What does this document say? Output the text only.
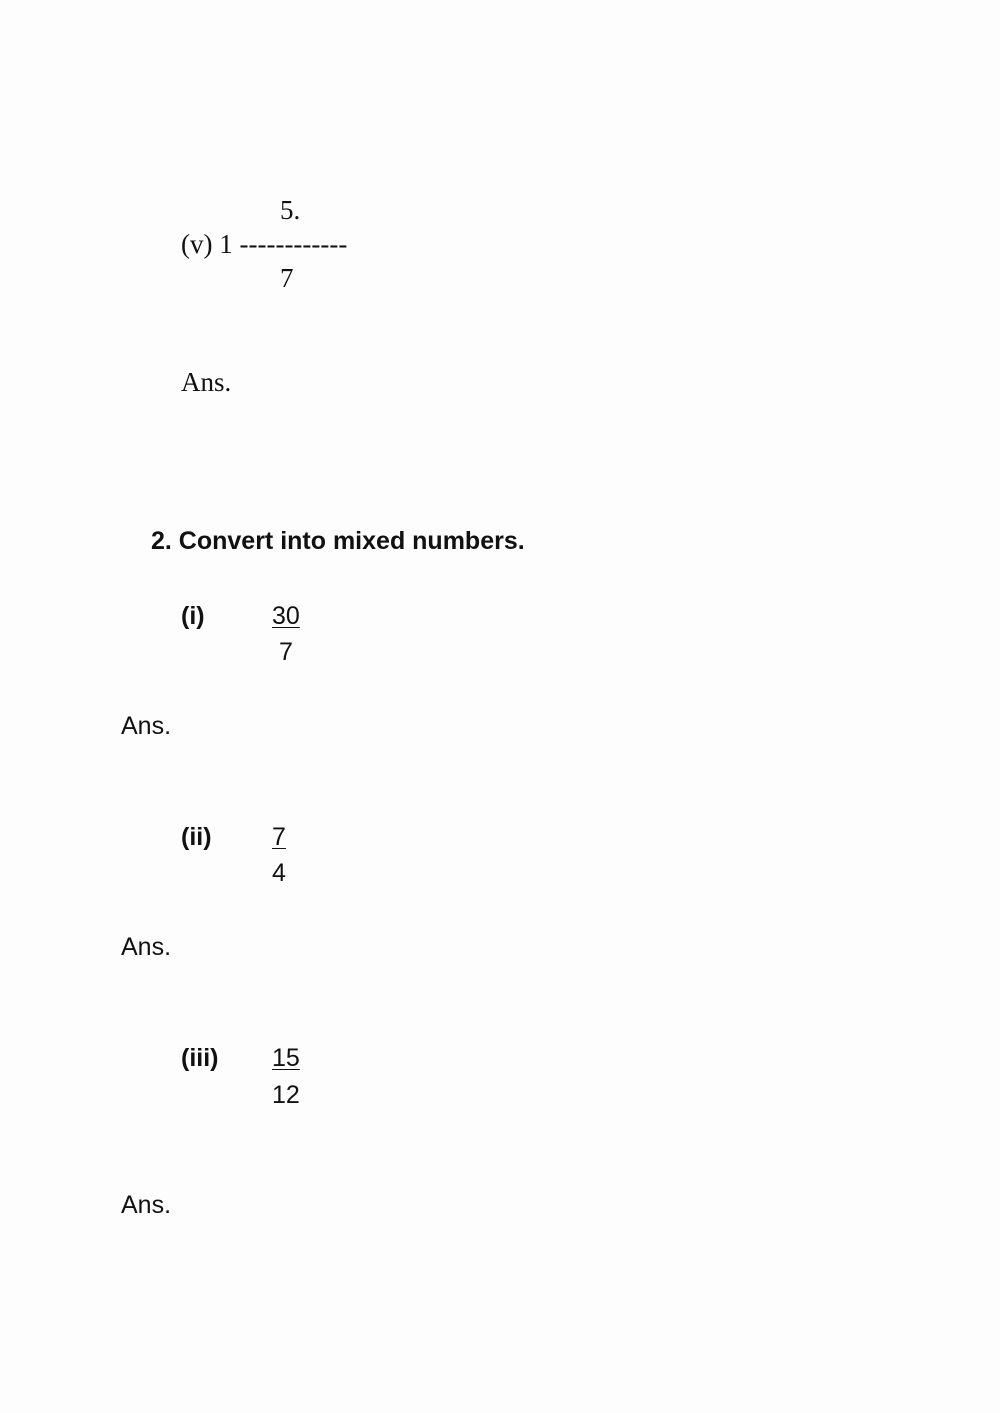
5.
(v) 1 ------------
7
Ans.
2. Convert into mixed numbers.
(i)	30
7
Ans.
(ii) 7
4
Ans.
(iii) 15
12
Ans.
